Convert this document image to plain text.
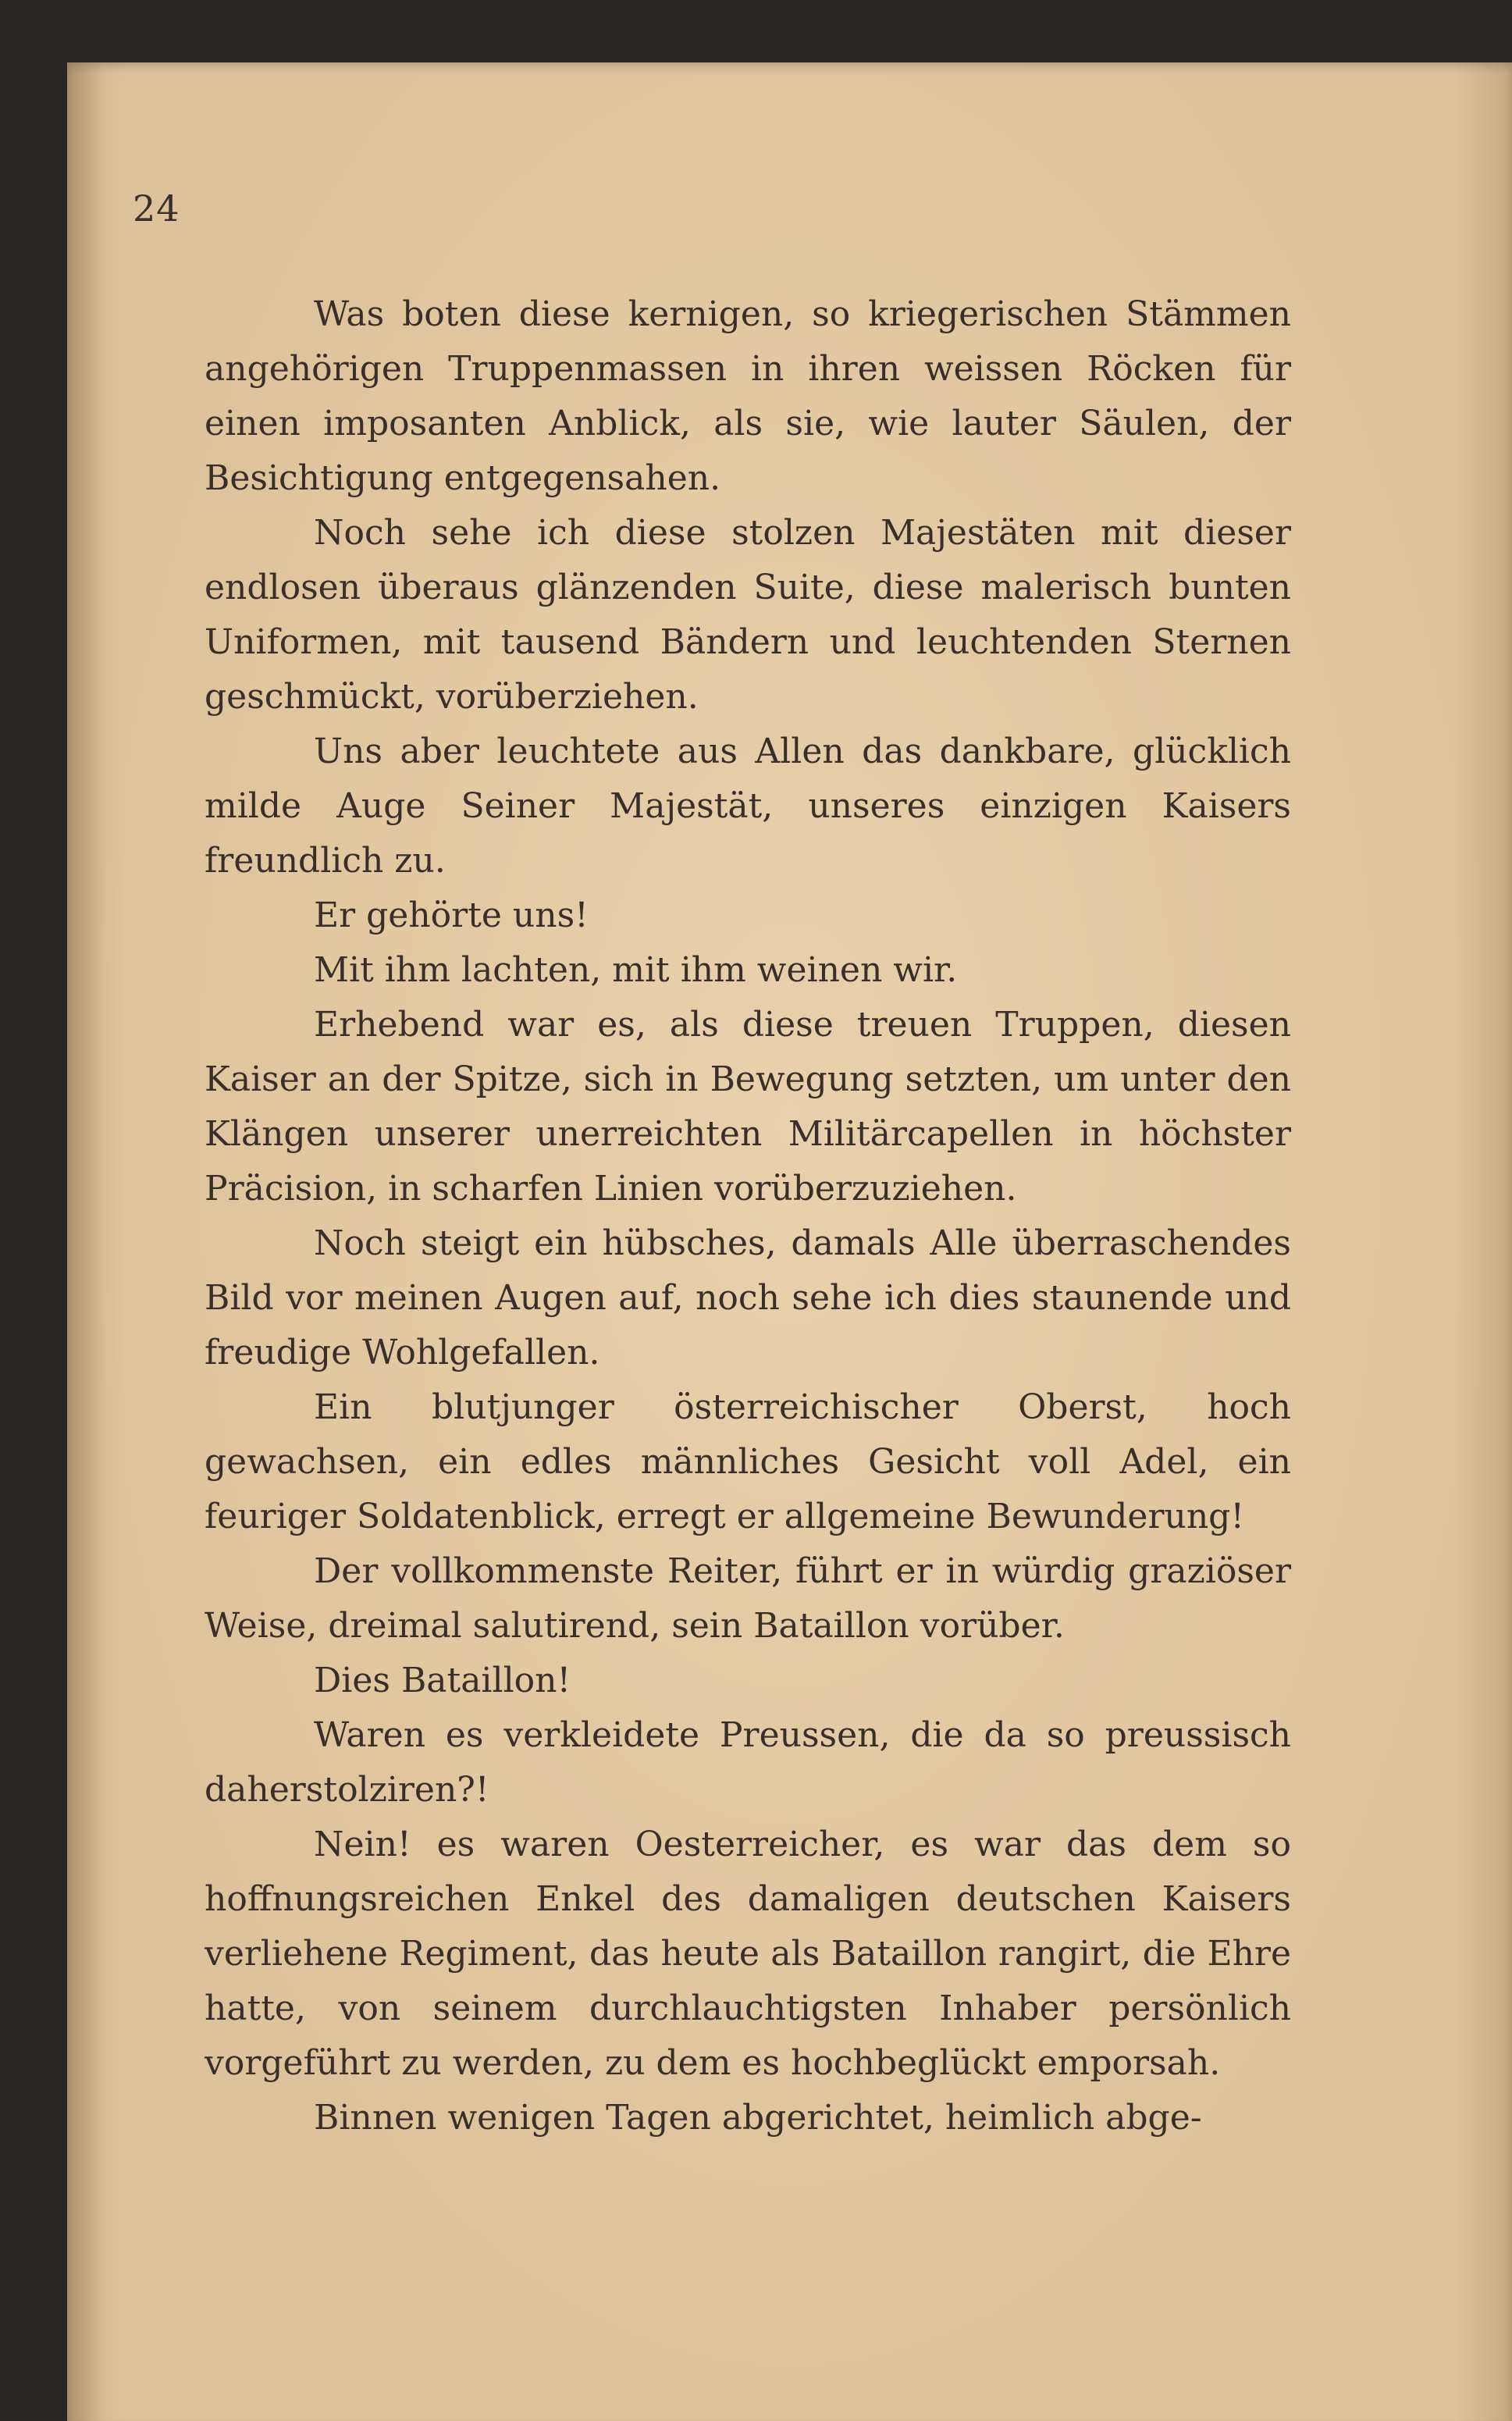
24

Was boten diese kernigen, so kriegerischen Stämmen angehörigen Truppenmassen in ihren weissen Röcken für einen imposanten Anblick, als sie, wie lauter Säulen, der Besichtigung entgegensahen.

Noch sehe ich diese stolzen Majestäten mit dieser endlosen überaus glänzenden Suite, diese malerisch bunten Uniformen, mit tausend Bändern und leuchtenden Sternen geschmückt, vorüberziehen.

Uns aber leuchtete aus Allen das dankbare, glücklich milde Auge Seiner Majestät, unseres einzigen Kaisers freundlich zu.

Er gehörte uns!

Mit ihm lachten, mit ihm weinen wir.

Erhebend war es, als diese treuen Truppen, diesen Kaiser an der Spitze, sich in Bewegung setzten, um unter den Klängen unserer unerreichten Militärcapellen in höchster Präcision, in scharfen Linien vorüberzuziehen.

Noch steigt ein hübsches, damals Alle überraschendes Bild vor meinen Augen auf, noch sehe ich dies staunende und freudige Wohlgefallen.

Ein blutjunger österreichischer Oberst, hoch gewachsen, ein edles männliches Gesicht voll Adel, ein feuriger Soldatenblick, erregt er allgemeine Bewunderung!

Der vollkommenste Reiter, führt er in würdig graziöser Weise, dreimal salutirend, sein Bataillon vorüber.

Dies Bataillon!

Waren es verkleidete Preussen, die da so preussisch daherstolziren?!

Nein! es waren Oesterreicher, es war das dem so hoffnungsreichen Enkel des damaligen deutschen Kaisers verliehene Regiment, das heute als Bataillon rangirt, die Ehre hatte, von seinem durchlauchtigsten Inhaber persönlich vorgeführt zu werden, zu dem es hochbeglückt emporsah.

Binnen wenigen Tagen abgerichtet, heimlich abge-
